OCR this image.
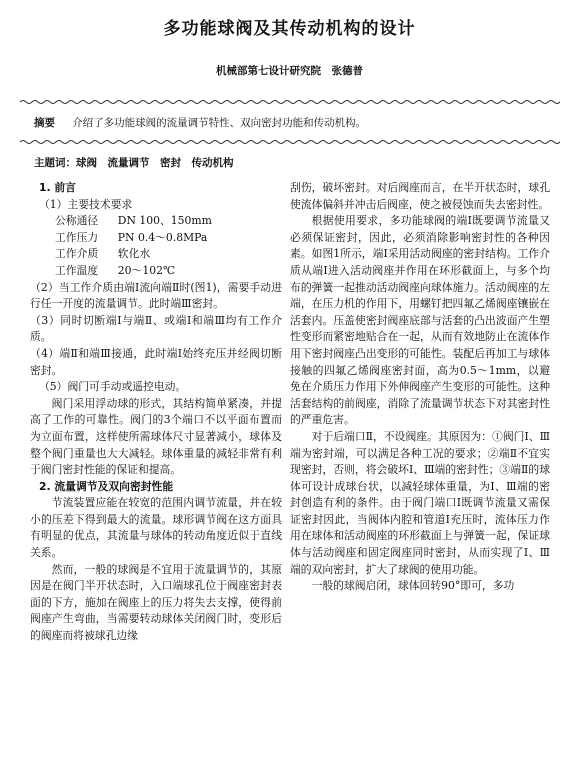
多功能球阀及其传动机构的设计
机械部第七设计研究院　张德普
摘要 　 介绍了多功能球阀的流量调节特性、双向密封功能和传动机构。
主题词：球阀　流量调节　密封　传动机构

1. 前言

（1）主要技术要求

公称通径　 DN 100、150mm
工作压力　 PN 0.4～0.8MPa
工作介质　 软化水
工作温度　 20～102℃

（2）当工作介质由端Ⅰ流向端Ⅱ时(图1)，需要手动进行任一开度的流量调节。此时端Ⅲ密封。

（3）同时切断端Ⅰ与端Ⅱ、或端Ⅰ和端Ⅲ均有工作介质。

（4）端Ⅱ和端Ⅲ接通，此时端Ⅰ始终充压并经阀切断密封。

（5）阀门可手动或遥控电动。

阀门采用浮动球的形式，其结构简单紧凑，并提高了工作的可靠性。阀门的3个端口不以平面布置而为立面布置，这样使所需球体尺寸显著减小，球体及整个阀门重量也大大减轻。球体重量的减轻非常有利于阀门密封性能的保证和提高。

2. 流量调节及双向密封性能

节流装置应能在较宽的范围内调节流量，并在较小的压差下得到最大的流量。球形调节阀在这方面具有明显的优点，其流量与球体的转动角度近似于直线关系。

然而，一般的球阀是不宜用于流量调节的，其原因是在阀门半开状态时，入口端球孔位于阀座密封表面的下方，施加在阀座上的压力将失去支撑，使得前阀座产生弯曲，当需要转动球体关闭阀门时，变形后的阀座而将被球孔边缘

刮伤，破坏密封。对后阀座而言，在半开状态时，球孔使流体偏斜并冲击后阀座，使之被侵蚀而失去密封性。

根据使用要求，多功能球阀的端Ⅰ既要调节流量又必须保证密封，因此，必须消除影响密封性的各种因素。如图1所示，端Ⅰ采用活动阀座的密封结构。工作介质从端Ⅰ进入活动阀座并作用在环形截面上，与多个均布的弹簧一起推动活动阀座向球体施力。活动阀座的左端，在压力机的作用下，用螺钉把四氟乙烯阀座镶嵌在活套内。压盖使密封阀座底部与活套的凸出波面产生塑性变形而紧密地贴合在一起，从而有效地防止在流体作用下密封阀座凸出变形的可能性。装配后再加工与球体接触的四氟乙烯阀座密封面，高为0.5～1mm，以避免在介质压力作用下外伸阀座产生变形的可能性。这种活套结构的前阀座，消除了流量调节状态下对其密封性的严重危害。

对于后端口Ⅱ，不设阀座。其原因为：①阀门Ⅰ、Ⅲ端为密封端，可以满足各种工况的要求；②端Ⅱ不宜实现密封，否则，将会破坏Ⅰ、Ⅲ端的密封性；③端Ⅱ的球体可设计成球台状，以减轻球体重量，为Ⅰ、Ⅲ端的密封创造有利的条件。由于阀门端口Ⅰ既调节流量又需保证密封因此，当阀体内腔和管道Ⅰ充压时，流体压力作用在球体和活动阀座的环形截面上与弹簧一起，保证球体与活动阀座和固定阀座同时密封，从而实现了Ⅰ、Ⅲ端的双向密封，扩大了球阀的使用功能。

一般的球阀启闭，球体回转90°即可，多功
